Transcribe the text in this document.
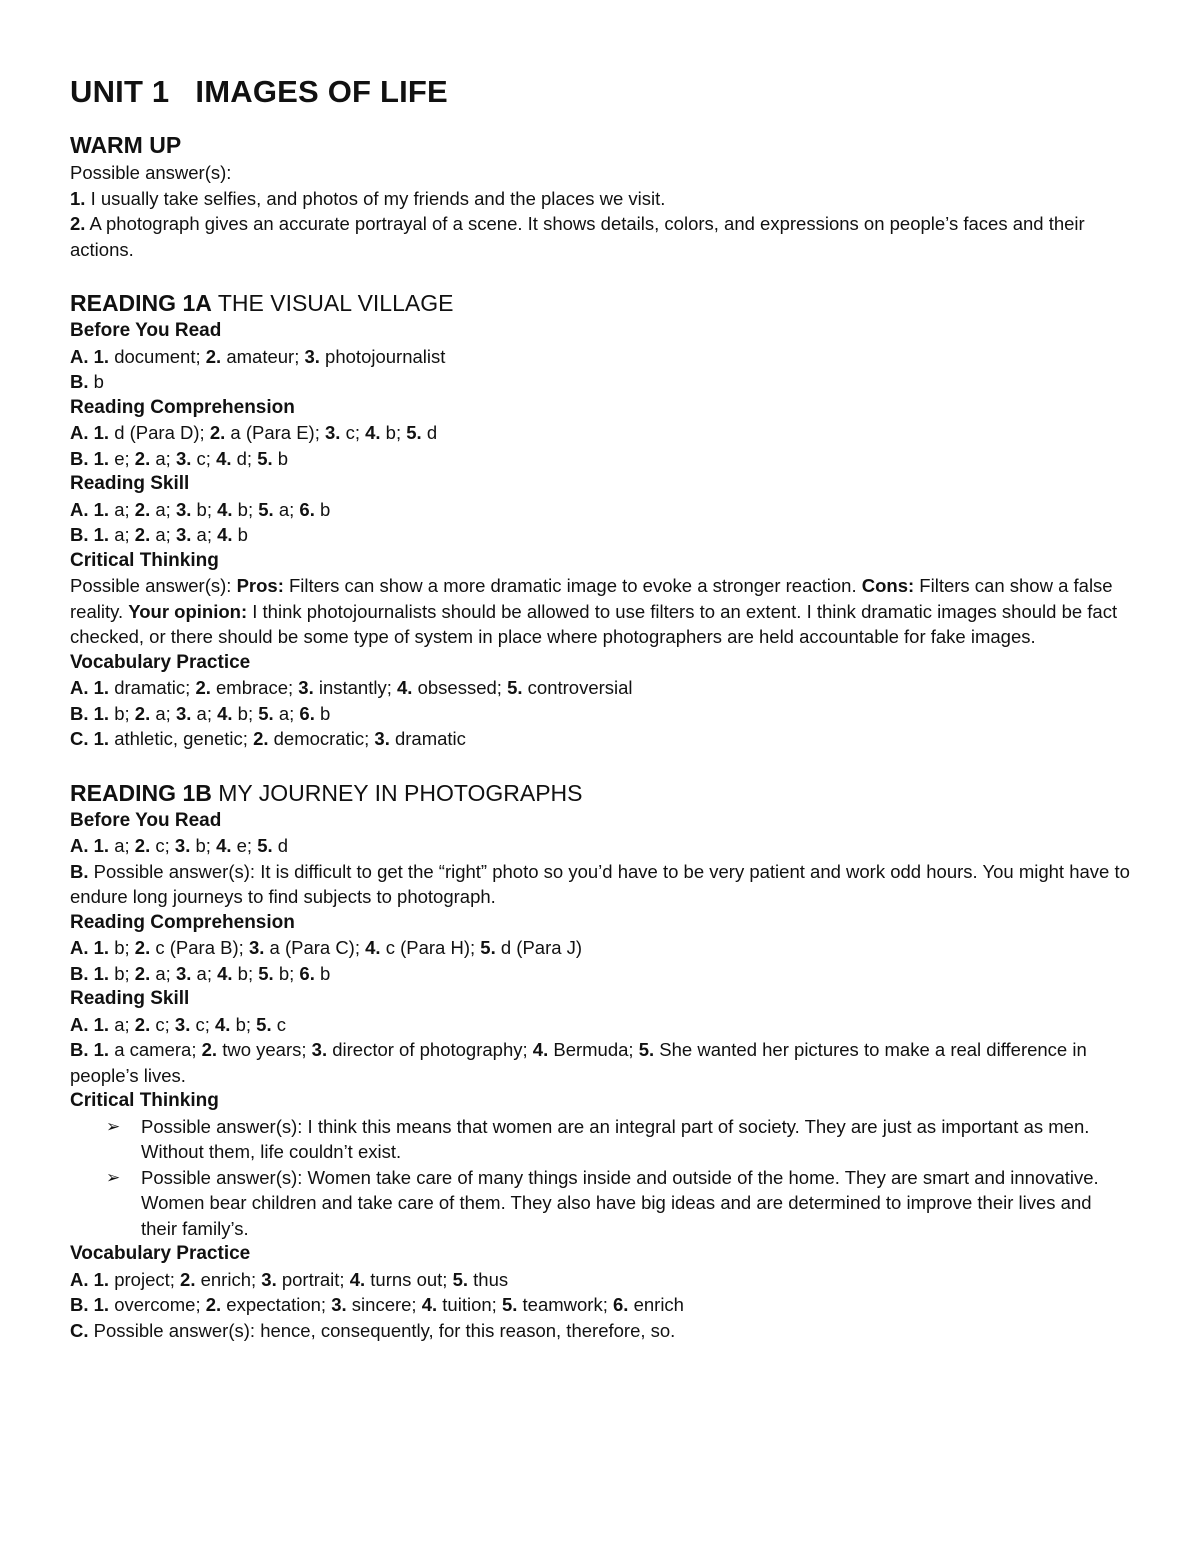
UNIT 1 IMAGES OF LIFE
WARM UP

Possible answer(s):

1. I usually take selfies, and photos of my friends and the places we visit.

2. A photograph gives an accurate portrayal of a scene. It shows details, colors, and expressions on people’s faces and their actions.

READING 1A THE VISUAL VILLAGE

Before You Read

A. 1. document; 2. amateur; 3. photojournalist

B. b

Reading Comprehension

A. 1. d (Para D); 2. a (Para E); 3. c; 4. b; 5. d

B. 1. e; 2. a; 3. c; 4. d; 5. b

Reading Skill

A. 1. a; 2. a; 3. b; 4. b; 5. a; 6. b

B. 1. a; 2. a; 3. a; 4. b

Critical Thinking

Possible answer(s): Pros: Filters can show a more dramatic image to evoke a stronger reaction. Cons: Filters can show a false reality. Your opinion: I think photojournalists should be allowed to use filters to an extent. I think dramatic images should be fact checked, or there should be some type of system in place where photographers are held accountable for fake images.

Vocabulary Practice

A. 1. dramatic; 2. embrace; 3. instantly; 4. obsessed; 5. controversial

B. 1. b; 2. a; 3. a; 4. b; 5. a; 6. b

C. 1. athletic, genetic; 2. democratic; 3. dramatic

READING 1B MY JOURNEY IN PHOTOGRAPHS

Before You Read

A. 1. a; 2. c; 3. b; 4. e; 5. d

B. Possible answer(s): It is difficult to get the “right” photo so you’d have to be very patient and work odd hours. You might have to endure long journeys to find subjects to photograph.

Reading Comprehension

A. 1. b; 2. c (Para B); 3. a (Para C); 4. c (Para H); 5. d (Para J)

B. 1. b; 2. a; 3. a; 4. b; 5. b; 6. b

Reading Skill

A. 1. a; 2. c; 3. c; 4. b; 5. c

B. 1. a camera; 2. two years; 3. director of photography; 4. Bermuda; 5. She wanted her pictures to make a real difference in people’s lives.

Critical Thinking

➢ Possible answer(s): I think this means that women are an integral part of society. They are just as important as men. Without them, life couldn’t exist.
➢ Possible answer(s): Women take care of many things inside and outside of the home. They are smart and innovative. Women bear children and take care of them. They also have big ideas and are determined to improve their lives and their family’s.

Vocabulary Practice

A. 1. project; 2. enrich; 3. portrait; 4. turns out; 5. thus

B. 1. overcome; 2. expectation; 3. sincere; 4. tuition; 5. teamwork; 6. enrich

C. Possible answer(s): hence, consequently, for this reason, therefore, so.
